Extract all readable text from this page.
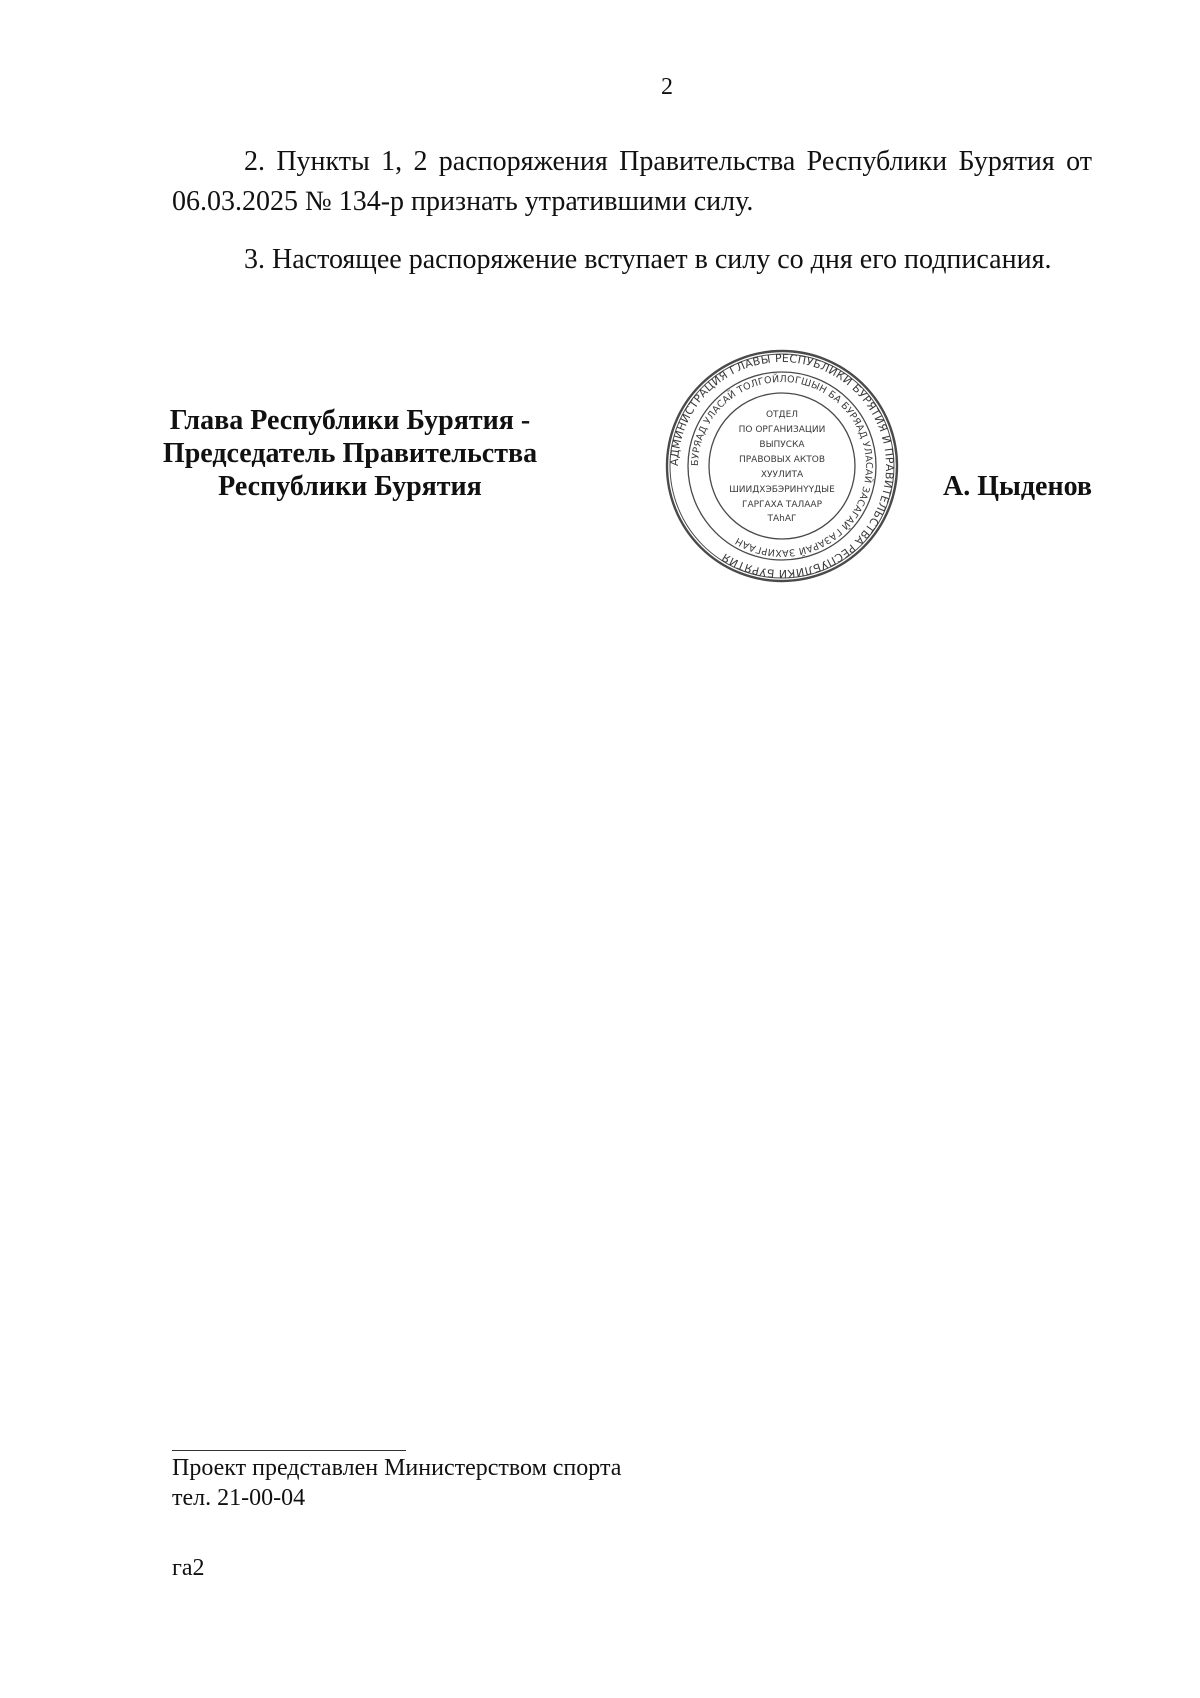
2

2. Пункты 1, 2 распоряжения Правительства Республики Бурятия от 06.03.2025 № 134-р признать утратившими силу.

3. Настоящее распоряжение вступает в силу со дня его подписания.

Глава Республики Бурятия -
Председатель Правительства
Республики Бурятия
АДМИНИСТРАЦИЯ ГЛАВЫ РЕСПУБЛИКИ БУРЯТИЯ И ПРАВИТЕЛЬСТВА РЕСПУБЛИКИ БУРЯТИЯ
БУРЯАД УЛАСАЙ ТОЛГОЙЛОГШЫН БА БУРЯАД УЛАСАЙ ЗАСАГАЙ ГАЗАРАЙ ЗАХИРГААН
ОТДЕЛ
ПО ОРГАНИЗАЦИИ
ВЫПУСКА
ПРАВОВЫХ АКТОВ
ХУУЛИТА
ШИИДХЭБЭРИНҮҮДЫЕ
ГАРГАХА ТАЛААР
ТАhAГ
А. Цыденов
Проект представлен Министерством спорта
тел. 21-00-04
га2
